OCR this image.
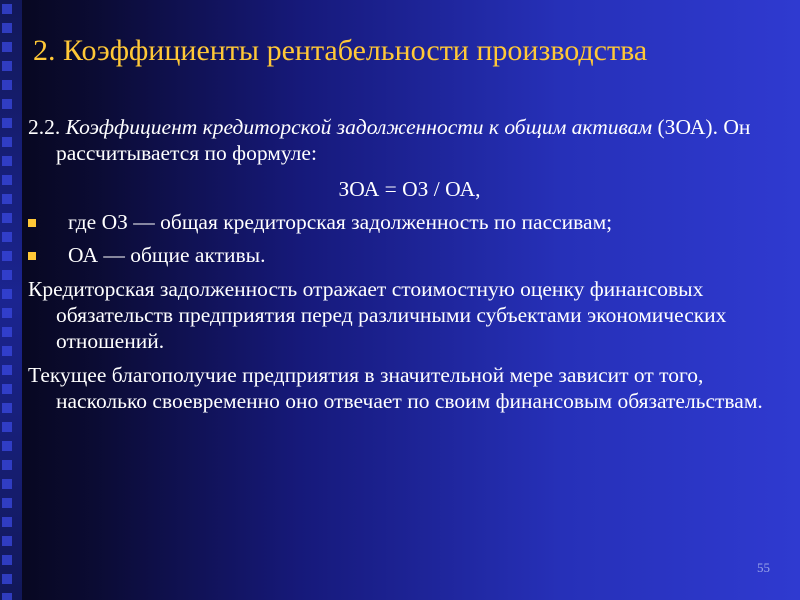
2. Коэффициенты рентабельности производства
2.2. Коэффициент кредиторской задолженности к общим активам (ЗОА). Он рассчитывается по формуле:
ЗОА = ОЗ / ОА,
где ОЗ — общая кредиторская задолженность по пассивам;
ОА — общие активы.
Кредиторская задолженность отражает стоимостную оценку финансовых обязательств предприятия перед различными субъектами экономических отношений.
Текущее благополучие предприятия в значительной мере зависит от того, насколько своевременно оно отвечает по своим финансовым обязательствам.
55
